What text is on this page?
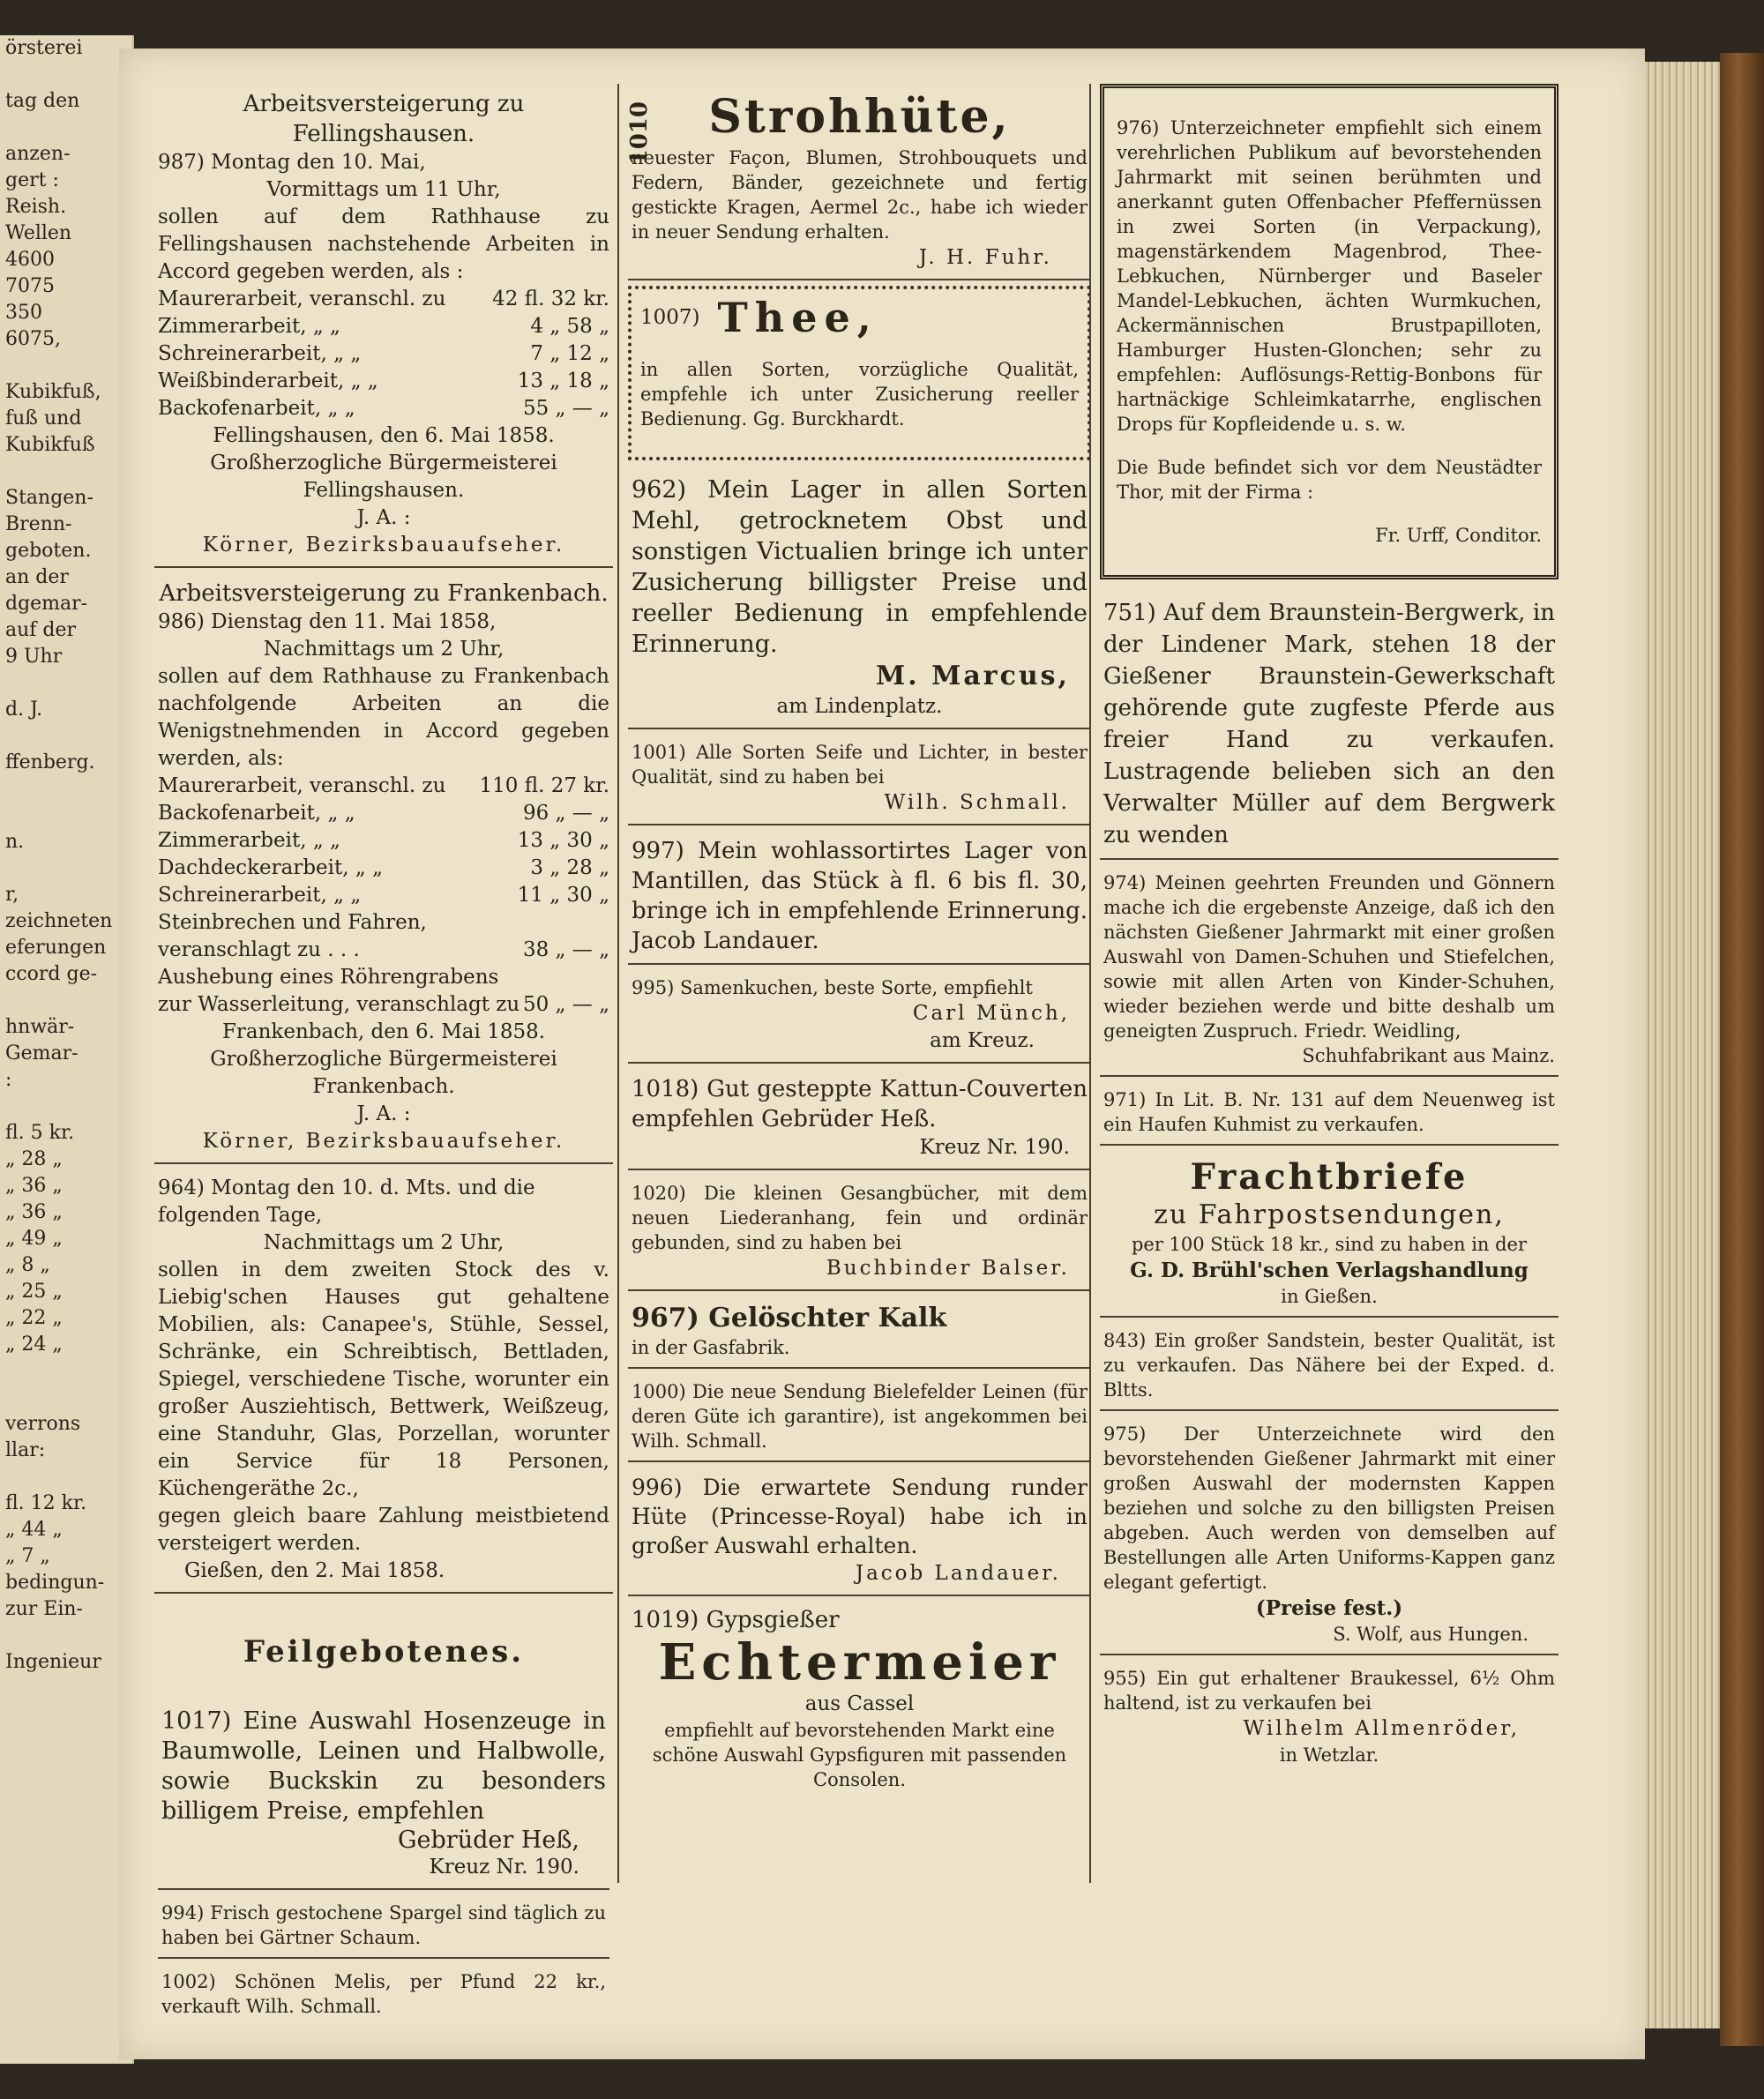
örsterei

tag den

anzen-
gert :
Reish.
Wellen
4600
7075
350
6075,

Kubikfuß,
fuß und
Kubikfuß

Stangen-
Brenn-
geboten.
an der
dgemar-
auf der
9 Uhr

d. J.

ffenberg.

n.

r,
zeichneten
eferungen
ccord ge-

hnwär-
Gemar-
:

fl. 5 kr.
„ 28 „
„ 36 „
„ 36 „
„ 49 „
„ 8 „
„ 25 „
„ 22 „
„ 24 „

verrons
llar:

fl. 12 kr.
„ 44 „
„ 7 „
bedingun-
zur Ein-

Ingenieur

Arbeitsversteigerung zu Fellingshausen.

987) Montag den 10. Mai,

Vormittags um 11 Uhr,

sollen auf dem Rathhause zu Fellingshausen nachstehende Arbeiten in Accord gegeben werden, als :

Maurerarbeit, veranschl. zu 42 fl. 32 kr.
Zimmerarbeit, „ „	4 „ 58 „
Schreinerarbeit, „ „	7 „ 12 „
Weißbinderarbeit, „ „	13 „ 18 „
Backofenarbeit, „ „	55 „ — „

Fellingshausen, den 6. Mai 1858.

Großherzogliche Bürgermeisterei Fellingshausen.

J. A. :

Körner, Bezirksbauaufseher.

Arbeitsversteigerung zu Frankenbach.

986) Dienstag den 11. Mai 1858,

Nachmittags um 2 Uhr,

sollen auf dem Rathhause zu Frankenbach nachfolgende Arbeiten an die Wenigstnehmenden in Accord gegeben werden, als:

Maurerarbeit, veranschl. zu 110 fl. 27 kr.
Backofenarbeit, „ „	96 „ — „
Zimmerarbeit, „ „	13 „ 30 „
Dachdeckerarbeit, „ „	3 „ 28 „
Schreinerarbeit, „ „	11 „ 30 „
Steinbrechen und Fahren, veranschlagt zu . . .	38 „ — „
Aushebung eines Röhrengrabens zur Wasserleitung, veranschlagt zu 50 „ — „

Frankenbach, den 6. Mai 1858.

Großherzogliche Bürgermeisterei Frankenbach.

J. A. :

Körner, Bezirksbauaufseher.

964) Montag den 10. d. Mts. und die folgenden Tage,

Nachmittags um 2 Uhr,

sollen in dem zweiten Stock des v. Liebig'schen Hauses gut gehaltene Mobilien, als: Canapee's, Stühle, Sessel, Schränke, ein Schreibtisch, Bettladen, Spiegel, verschiedene Tische, worunter ein großer Ausziehtisch, Bettwerk, Weißzeug, eine Standuhr, Glas, Porzellan, worunter ein Service für 18 Personen, Küchengeräthe 2c.,

gegen gleich baare Zahlung meistbietend versteigert werden.

Gießen, den 2. Mai 1858.

Feilgebotenes.

1017) Eine Auswahl Hosenzeuge in Baumwolle, Leinen und Halbwolle, sowie Buckskin zu besonders billigem Preise, empfehlen

Gebrüder Heß,

Kreuz Nr. 190.

994) Frisch gestochene Spargel sind täglich zu haben bei Gärtner Schaum.

1002) Schönen Melis, per Pfund 22 kr., verkauft Wilh. Schmall.

1010	Strohhüte,

neuester Façon, Blumen, Strohbouquets und Federn, Bänder, gezeichnete und fertig gestickte Kragen, Aermel 2c., habe ich wieder in neuer Sendung erhalten.

J. H. Fuhr.

1007) Thee,

in allen Sorten, vorzügliche Qualität, empfehle ich unter Zusicherung reeller Bedienung. Gg. Burckhardt.

962) Mein Lager in allen Sorten Mehl, getrocknetem Obst und sonstigen Victualien bringe ich unter Zusicherung billigster Preise und reeller Bedienung in empfehlende Erinnerung.

M. Marcus,

am Lindenplatz.

1001) Alle Sorten Seife und Lichter, in bester Qualität, sind zu haben bei

Wilh. Schmall.

997) Mein wohlassortirtes Lager von Mantillen, das Stück à fl. 6 bis fl. 30, bringe ich in empfehlende Erinnerung. Jacob Landauer.

995) Samenkuchen, beste Sorte, empfiehlt

Carl Münch,

am Kreuz.

1018) Gut gesteppte Kattun-Couverten empfehlen Gebrüder Heß.

Kreuz Nr. 190.

1020) Die kleinen Gesangbücher, mit dem neuen Liederanhang, fein und ordinär gebunden, sind zu haben bei

Buchbinder Balser.

967) Gelöschter Kalk

in der Gasfabrik.

1000) Die neue Sendung Bielefelder Leinen (für deren Güte ich garantire), ist angekommen bei Wilh. Schmall.

996) Die erwartete Sendung runder Hüte (Princesse-Royal) habe ich in großer Auswahl erhalten.

Jacob Landauer.

1019) Gypsgießer

Echtermeier

aus Cassel

empfiehlt auf bevorstehenden Markt eine schöne Auswahl Gypsfiguren mit passenden Consolen.

976) Unterzeichneter empfiehlt sich einem verehrlichen Publikum auf bevorstehenden Jahrmarkt mit seinen berühmten und anerkannt guten Offenbacher Pfeffernüssen in zwei Sorten (in Verpackung), magenstärkendem Magenbrod, Thee-Lebkuchen, Nürnberger und Baseler Mandel-Lebkuchen, ächten Wurmkuchen, Ackermännischen Brustpapilloten, Hamburger Husten-Glonchen; sehr zu empfehlen: Auflösungs-Rettig-Bonbons für hartnäckige Schleimkatarrhe, englischen Drops für Kopfleidende u. s. w.

Die Bude befindet sich vor dem Neustädter Thor, mit der Firma :

Fr. Urff, Conditor.

751) Auf dem Braunstein-Bergwerk, in der Lindener Mark, stehen 18 der Gießener Braunstein-Gewerkschaft gehörende gute zugfeste Pferde aus freier Hand zu verkaufen. Lustragende belieben sich an den Verwalter Müller auf dem Bergwerk zu wenden

974) Meinen geehrten Freunden und Gönnern mache ich die ergebenste Anzeige, daß ich den nächsten Gießener Jahrmarkt mit einer großen Auswahl von Damen-Schuhen und Stiefelchen, sowie mit allen Arten von Kinder-Schuhen, wieder beziehen werde und bitte deshalb um geneigten Zuspruch. Friedr. Weidling,

Schuhfabrikant aus Mainz.

971) In Lit. B. Nr. 131 auf dem Neuenweg ist ein Haufen Kuhmist zu verkaufen.

Frachtbriefe

zu Fahrpostsendungen,

per 100 Stück 18 kr., sind zu haben in der

G. D. Brühl'schen Verlagshandlung

in Gießen.

843) Ein großer Sandstein, bester Qualität, ist zu verkaufen. Das Nähere bei der Exped. d. Bltts.

975) Der Unterzeichnete wird den bevorstehenden Gießener Jahrmarkt mit einer großen Auswahl der modernsten Kappen beziehen und solche zu den billigsten Preisen abgeben. Auch werden von demselben auf Bestellungen alle Arten Uniforms-Kappen ganz elegant gefertigt.

(Preise fest.)

S. Wolf, aus Hungen.

955) Ein gut erhaltener Braukessel, 6½ Ohm haltend, ist zu verkaufen bei

Wilhelm Allmenröder,

in Wetzlar.
